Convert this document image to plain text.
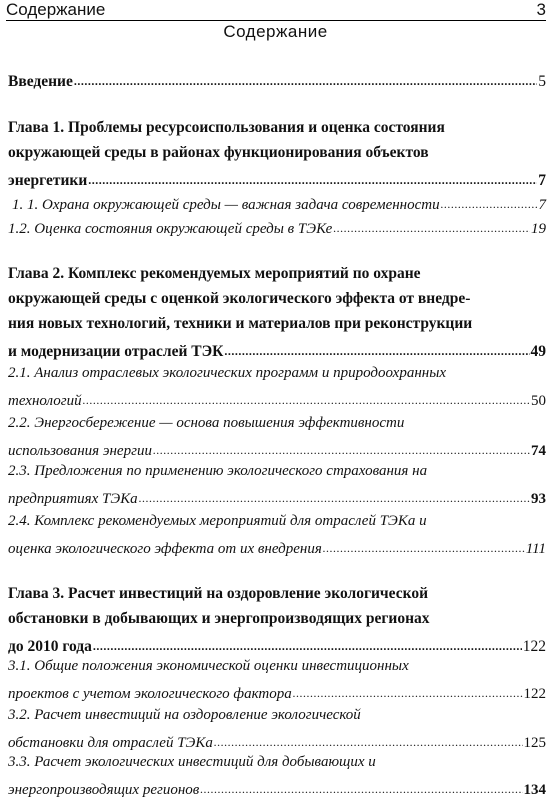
Содержание	3
Содержание
Введение .....	5
Глава 1. Проблемы ресурсоиспользования и оценка состояния
окружающей среды в районах функционирования объектов
энергетики .....	7
1. 1. Охрана окружающей среды — важная задача современности .....	7
1.2. Оценка состояния окружающей среды в ТЭКе .....	19
Глава 2. Комплекс рекомендуемых мероприятий по охране
окружающей среды с оценкой экологического эффекта от внедре-
ния новых технологий, техники и материалов при реконструкции
и модернизации отраслей ТЭК .....	49
2.1. Анализ отраслевых экологических программ и природоохранных
технологий .....	50
2.2. Энергосбережение — основа повышения эффективности
использования энергии .....	74
2.3. Предложения по применению экологического страхования на
предприятиях ТЭКа .....	93
2.4. Комплекс рекомендуемых мероприятий для отраслей ТЭКа и
оценка экологического эффекта от их внедрения .....	111
Глава 3. Расчет инвестиций на оздоровление экологической
обстановки в добывающих и энергопроизводящих регионах
до 2010 года .....	122
3.1. Общие положения экономической оценки инвестиционных
проектов с учетом экологического фактора .....	122
3.2. Расчет инвестиций на оздоровление экологической
обстановки для отраслей ТЭКа .....	125
3.3. Расчет экологических инвестиций для добывающих и
энергопроизводящих регионов .....	134
